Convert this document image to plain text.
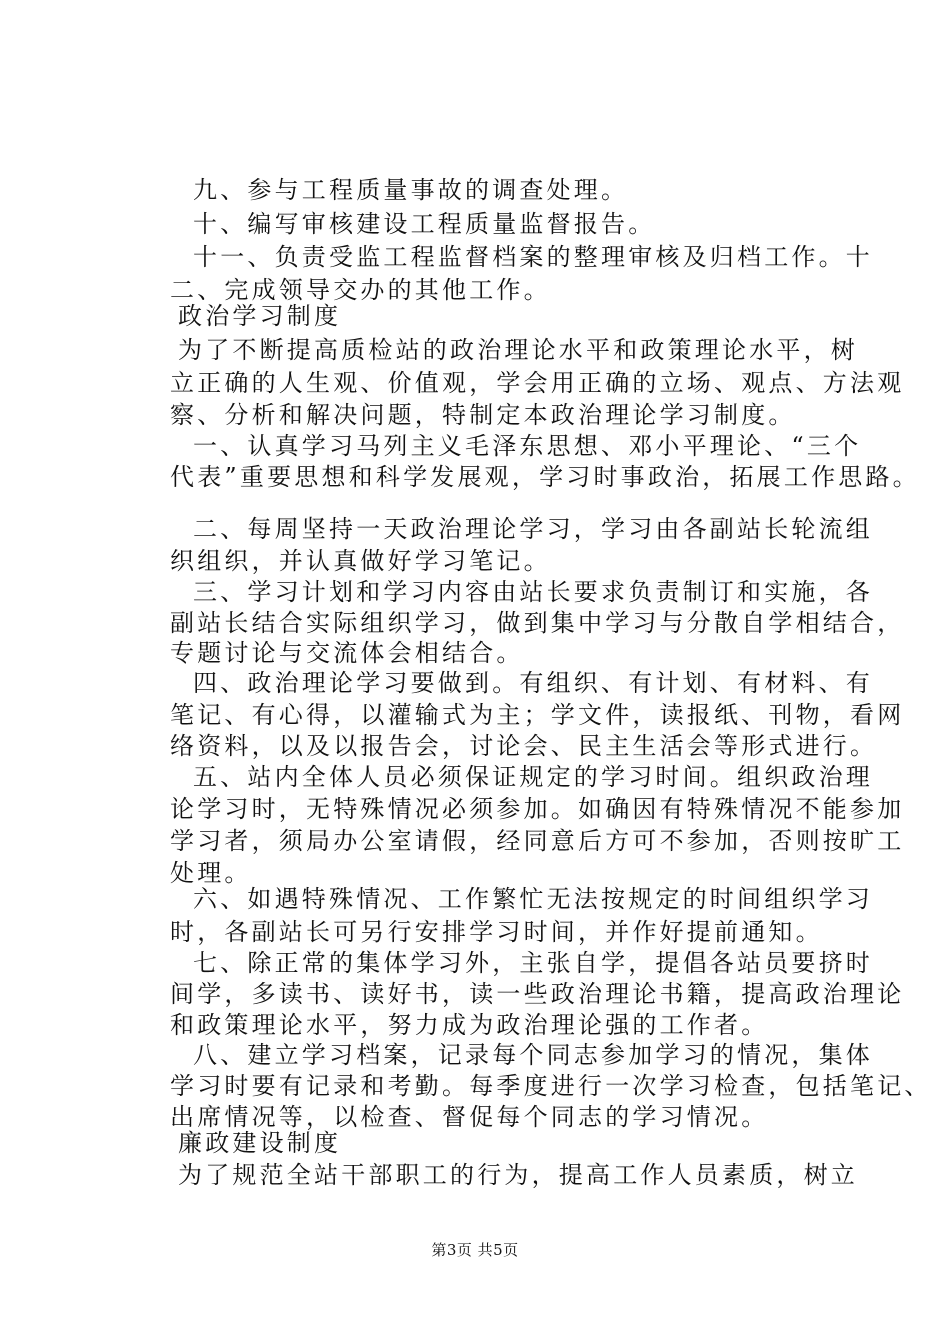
九、参与工程质量事故的调查处理。
十、编写审核建设工程质量监督报告。
十一、负责受监工程监督档案的整理审核及归档工作。十
二、完成领导交办的其他工作。
政治学习制度
为了不断提高质检站的政治理论水平和政策理论水平，树
立正确的人生观、价值观，学会用正确的立场、观点、方法观
察、分析和解决问题，特制定本政治理论学习制度。
一、认真学习马列主义毛泽东思想、邓小平理论、“三个
代表”重要思想和科学发展观，学习时事政治，拓展工作思路。
二、每周坚持一天政治理论学习，学习由各副站长轮流组
织组织，并认真做好学习笔记。
三、学习计划和学习内容由站长要求负责制订和实施，各
副站长结合实际组织学习，做到集中学习与分散自学相结合，
专题讨论与交流体会相结合。
四、政治理论学习要做到。有组织、有计划、有材料、有
笔记、有心得，以灌输式为主；学文件，读报纸、刊物，看网
络资料，以及以报告会，讨论会、民主生活会等形式进行。
五、站内全体人员必须保证规定的学习时间。组织政治理
论学习时，无特殊情况必须参加。如确因有特殊情况不能参加
学习者，须局办公室请假，经同意后方可不参加，否则按旷工
处理。
六、如遇特殊情况、工作繁忙无法按规定的时间组织学习
时，各副站长可另行安排学习时间，并作好提前通知。
七、除正常的集体学习外，主张自学，提倡各站员要挤时
间学，多读书、读好书，读一些政治理论书籍，提高政治理论
和政策理论水平，努力成为政治理论强的工作者。
八、建立学习档案，记录每个同志参加学习的情况，集体
学习时要有记录和考勤。每季度进行一次学习检查，包括笔记、
出席情况等，以检查、督促每个同志的学习情况。
廉政建设制度
为了规范全站干部职工的行为，提高工作人员素质，树立
第3页 共5页
